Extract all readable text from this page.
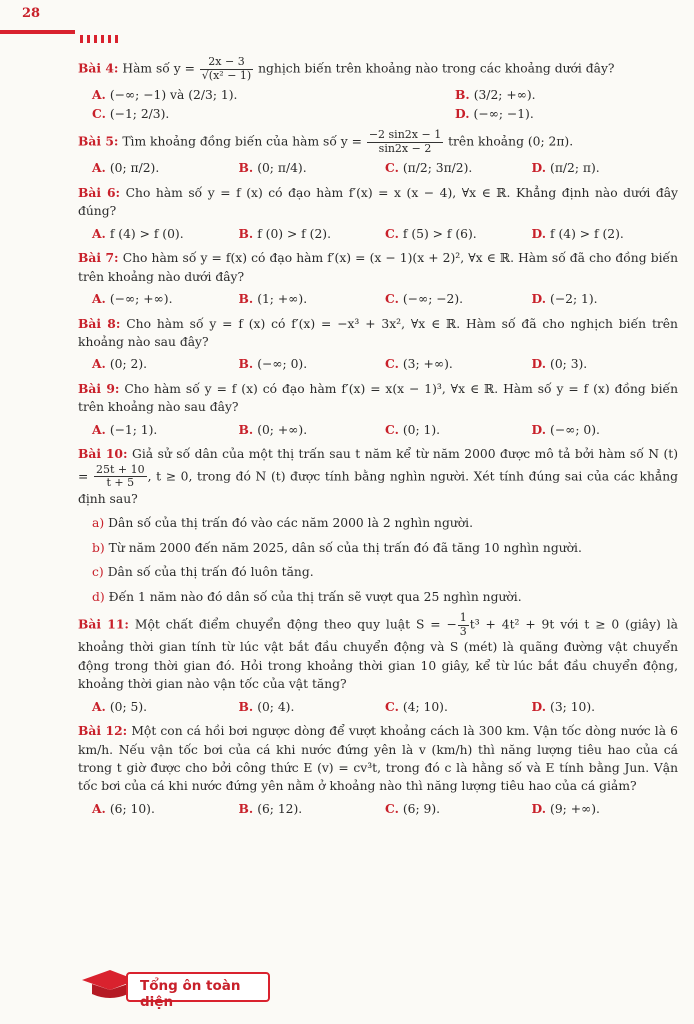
28
Bài 4: Hàm số $y = \frac{2x - 3}{\text{√(x² − 1)}}$ nghịch biến trên khoảng nào trong các khoảng dưới đây?
A. (−∞; −1) và (2/3; 1).	B. (3/2; +∞).
C. (−1; 2/3).	D. (−∞; −1).
Bài 5: Tìm khoảng đồng biến của hàm số $y = \frac{-2 \sin 2x - 1}{\sin 2x - 2}$ trên khoảng (0; 2π).
A. (0; π/2).	B. (0; π/4).	C. (π/2; 3π/2).	D. (π/2; π).
Bài 6: Cho hàm số y = f (x) có đạo hàm f′(x) = x (x − 4), ∀x ∈ ℝ. Khẳng định nào dưới đây đúng?
A. f (4) > f (0).	B. f (0) > f (2).	C. f (5) > f (6).	D. f (4) > f (2).
Bài 7: Cho hàm số y = f(x) có đạo hàm f′(x) = (x − 1)(x + 2)², ∀x ∈ ℝ. Hàm số đã cho đồng biến trên khoảng nào dưới đây?
A. (−∞; +∞).	B. (1; +∞).	C. (−∞; −2).	D. (−2; 1).
Bài 8: Cho hàm số y = f (x) có f′(x) = −x³ + 3x², ∀x ∈ ℝ. Hàm số đã cho nghịch biến trên khoảng nào sau đây?
A. (0; 2).	B. (−∞; 0).	C. (3; +∞).	D. (0; 3).
Bài 9: Cho hàm số y = f (x) có đạo hàm f′(x) = x(x − 1)³, ∀x ∈ ℝ. Hàm số y = f (x) đồng biến trên khoảng nào sau đây?
A. (−1; 1).	B. (0; +∞).	C. (0; 1).	D. (−∞; 0).
Bài 10: Giả sử số dân của một thị trấn sau t năm kể từ năm 2000 được mô tả bởi hàm số N $(t) = \frac{25t + 10}{t + 5}$ , t ≥ 0, trong đó N (t) được tính bằng nghìn người. Xét tính đúng sai của các khẳng định sau?
a) Dân số của thị trấn đó vào các năm 2000 là 2 nghìn người.
b) Từ năm 2000 đến năm 2025, dân số của thị trấn đó đã tăng 10 nghìn người.
c) Dân số của thị trấn đó luôn tăng.
d) Đến 1 năm nào đó dân số của thị trấn sẽ vượt qua 25 nghìn người.
Bài 11: Một chất điểm chuyển động theo quy luật S = − $\frac{1}{3} t^3 + 4t^2 + 9t$ với t ≥ 0 (giây) là khoảng thời gian tính từ lúc vật bắt đầu chuyển động và S (mét) là quãng đường vật chuyển động trong thời gian đó. Hỏi trong khoảng thời gian 10 giây, kể từ lúc bắt đầu chuyển động, khoảng thời gian nào vận tốc của vật tăng?
A. (0; 5).	B. (0; 4).	C. (4; 10).	D. (3; 10).
Bài 12: Một con cá hồi bơi ngược dòng để vượt khoảng cách là 300 km. Vận tốc dòng nước là 6 km/h. Nếu vận tốc bơi của cá khi nước đứng yên là v (km/h) thì năng lượng tiêu hao của cá trong t giờ được cho bởi công thức E (v) = cv³t, trong đó c là hằng số và E tính bằng Jun. Vận tốc bơi của cá khi nước đứng yên nằm ở khoảng nào thì năng lượng tiêu hao của cá giảm?
A. (6; 10).	B. (6; 12).	C. (6; 9).	D. (9; +∞).
Tổng ôn toàn diện
